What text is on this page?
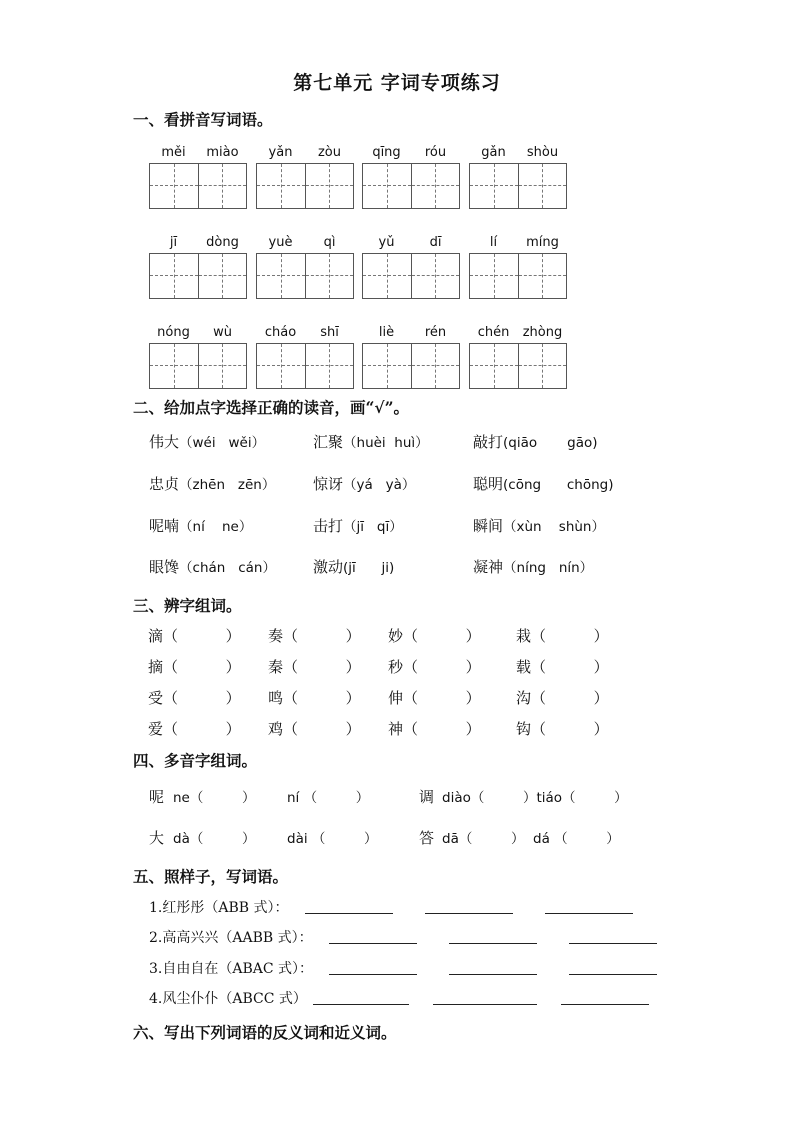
第七单元 字词专项练习
一、看拼音写词语。
měi	miào	yǎn	zòu	qīng	róu	gǎn	shòu
jī	dòng	yuè	qì	yǔ	dī	lí	míng
nóng	wù	cháo	shī	liè	rén	chén	zhòng
二、给加点字选择正确的读音，画“√”。
伟大（wéi   wěi）	汇聚（huèi  huì）	敲打(qiāo       gāo)
忠贞（zhēn   zēn）	惊讶（yá   yà）	聪明(cōng      chōng)
呢喃（ní    ne）	击打（jī   qī）	瞬间（xùn    shùn）
眼馋（chán   cán） 激动(jī      ji)	凝神（níng   nín）
三、辨字组词。
滴（          ） 奏（          ） 妙（          ） 栽（          ）
摘（          ） 秦（          ） 秒（          ） 载（          ）
受（          ） 鸣（          ） 伸（          ） 沟（          ）
爱（          ） 鸡（          ） 神（          ） 钩（          ）
四、多音字组词。
呢 ne（         ） ní （         ）	调 diào（         ）tiáo（         ）
大 dà（         ） dài （         ）	答 dā（         ）  dá （         ）
五、照样子，写词语。
1.红彤彤（ABB 式）：
2.高高兴兴（AABB 式）：
3.自由自在（ABAC 式）：
4.风尘仆仆（ABCC 式）
六、写出下列词语的反义词和近义词。
